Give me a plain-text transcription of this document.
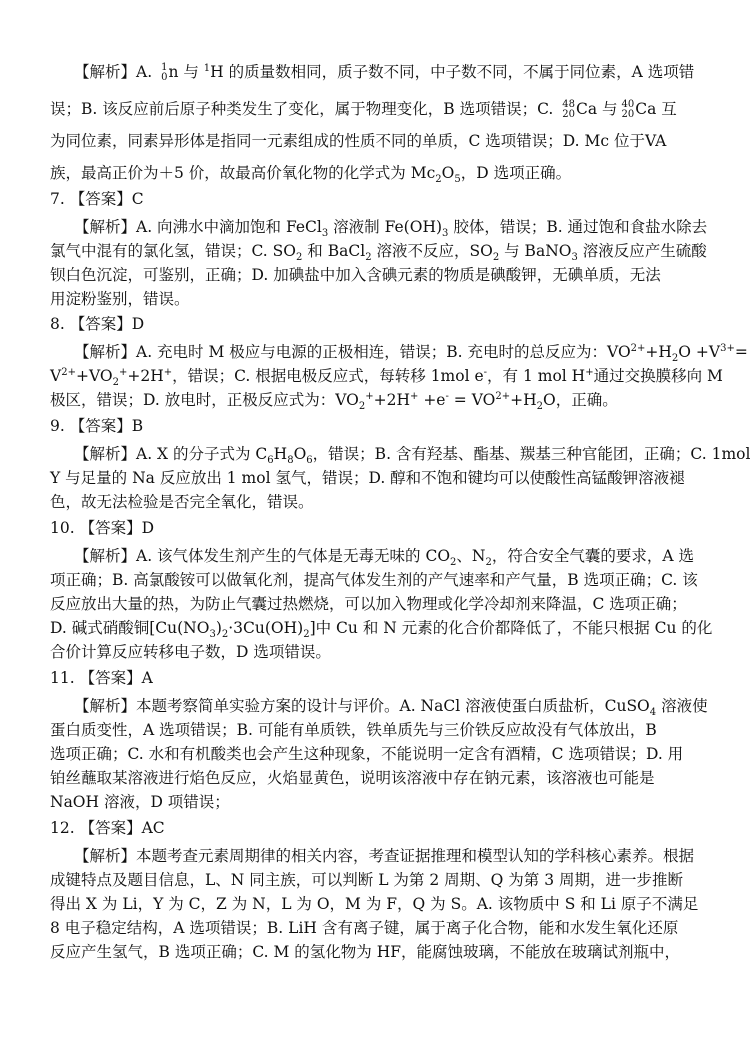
【解析】A. 1
0 n 与 $^1$H 的质量数相同，质子数不同，中子数不同，不属于同位素，A 选项错
误；B. 该反应前后原子种类发生了变化，属于物理变化，B 选项错误；C. 48
20 Ca 与 40
20 Ca 互
为同位素，同素异形体是指同一元素组成的性质不同的单质，C 选项错误；D. Mc 位于VA
族，最高正价为＋5 价，故最高价氧化物的化学式为 $Mc_2O_5$，D 选项正确。
7. 【答案】C
【解析】A. 向沸水中滴加饱和 FeCl$_3$ 溶液制 $Fe(OH)_3$ 胶体，错误；B. 通过饱和食盐水除去
氯气中混有的氯化氢，错误；C. $SO_2$ 和 BaCl$_2$ 溶液不反应，$SO_2$ 与 BaNO$_3$ 溶液反应产生硫酸
钡白色沉淀，可鉴别，正确；D. 加碘盐中加入含碘元素的物质是碘酸钾，无碘单质，无法
用淀粉鉴别，错误。
8. 【答案】D
【解析】A. 充电时 M 极应与电源的正极相连，错误；B. 充电时的总反应为：$VO^{2+}+H_2O +V^{3+}=$
$V^{2+}+VO_2^++2H^+$，错误；C. 根据电极反应式，每转移 1mol e-，有 1 mol H+通过交换膜移向 M
极区，错误；D. 放电时，正极反应式为：$VO_2^++2H^+ +e^- = VO^{2+}+H_2O$，正确。
9. 【答案】B
【解析】A. X 的分子式为 $C_6H_8O_6$，错误；B. 含有羟基、酯基、羰基三种官能团，正确；C. 1mol
Y 与足量的 Na 反应放出 1 mol 氢气，错误；D. 醇和不饱和键均可以使酸性高锰酸钾溶液褪
色，故无法检验是否完全氧化，错误。
10. 【答案】D
【解析】A. 该气体发生剂产生的气体是无毒无味的 $CO_2$、$N_2$，符合安全气囊的要求，A 选
项正确；B. 高氯酸铵可以做氧化剂，提高气体发生剂的产气速率和产气量，B 选项正确；C. 该
反应放出大量的热，为防止气囊过热燃烧，可以加入物理或化学冷却剂来降温，C 选项正确；
D. 碱式硝酸铜$[Cu(NO_3)_2\cdot 3Cu(OH)_2]$中 Cu 和 N 元素的化合价都降低了，不能只根据 Cu 的化
合价计算反应转移电子数，D 选项错误。
11. 【答案】A
【解析】本题考察简单实验方案的设计与评价。A. NaCl 溶液使蛋白质盐析，CuSO$_4$ 溶液使
蛋白质变性，A 选项错误；B. 可能有单质铁，铁单质先与三价铁反应故没有气体放出，B
选项正确；C. 水和有机酸类也会产生这种现象，不能说明一定含有酒精，C 选项错误；D. 用
铂丝蘸取某溶液进行焰色反应，火焰显黄色，说明该溶液中存在钠元素，该溶液也可能是
NaOH 溶液，D 项错误；
12. 【答案】AC
【解析】本题考查元素周期律的相关内容，考查证据推理和模型认知的学科核心素养。根据
成键特点及题目信息，L、N 同主族，可以判断 L 为第 2 周期、Q 为第 3 周期，进一步推断
得出 X 为 Li，Y 为 C，Z 为 N，L 为 O，M 为 F，Q 为 S。A. 该物质中 S 和 Li 原子不满足
8 电子稳定结构，A 选项错误；B. LiH 含有离子键，属于离子化合物，能和水发生氧化还原
反应产生氢气，B 选项正确；C. M 的氢化物为 HF，能腐蚀玻璃，不能放在玻璃试剂瓶中，
